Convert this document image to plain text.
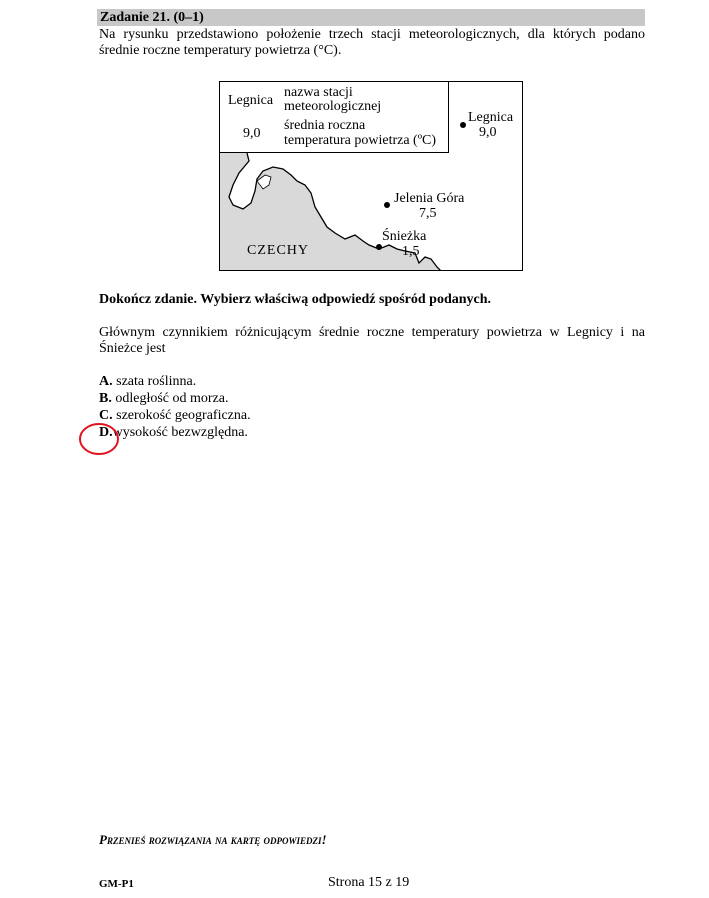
Zadanie 21. (0–1)
Na rysunku przedstawiono położenie trzech stacji meteorologicznych, dla których podano
średnie roczne temperatury powietrza (°C).
Legnica
9,0
nazwa stacji
meteorologicznej
średnia roczna
temperatura powietrza (ºC)
Legnica
9,0
Jelenia Góra
7,5
Śnieżka
1,5
CZECHY
Dokończ zdanie. Wybierz właściwą odpowiedź spośród podanych.
Głównym czynnikiem różnicującym średnie roczne temperatury powietrza w Legnicy i na
Śnieżce jest
A. szata roślinna.
B. odległość od morza.
C. szerokość geograficzna.
D.wysokość bezwzględna.
Przenieś rozwiązania na kartę odpowiedzi!
GM-P1	Strona 15 z 19
